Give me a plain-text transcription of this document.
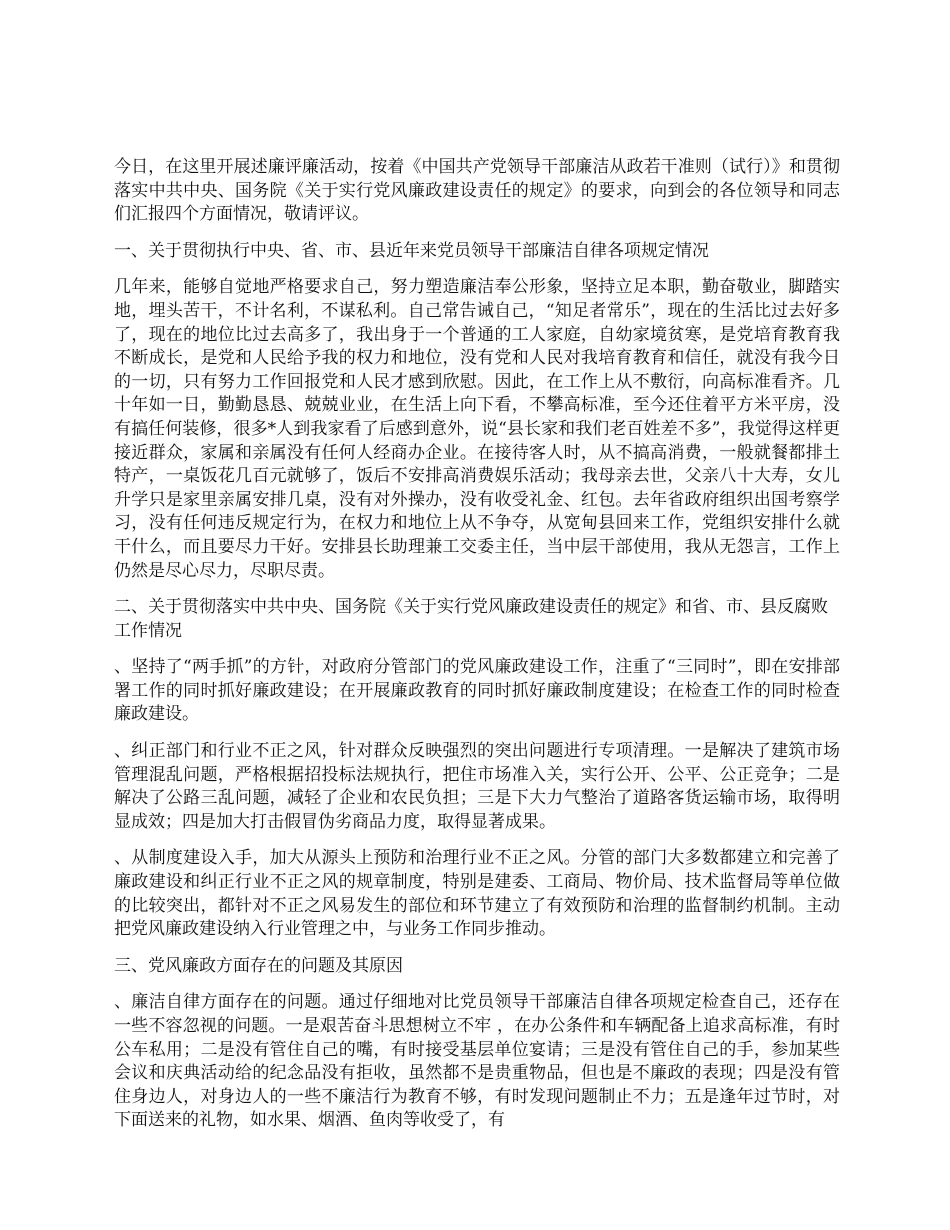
今日，在这里开展述廉评廉活动，按着《中国共产党领导干部廉洁从政若干准则（试行）》和贯彻落实中共中央、国务院《关于实行党风廉政建设责任的规定》的要求，向到会的各位领导和同志们汇报四个方面情况，敬请评议。

一、关于贯彻执行中央、省、市、县近年来党员领导干部廉洁自律各项规定情况

几年来，能够自觉地严格要求自己，努力塑造廉洁奉公形象，坚持立足本职，勤奋敬业，脚踏实地，埋头苦干，不计名利，不谋私利。自己常告诫自己，“知足者常乐”，现在的生活比过去好多了，现在的地位比过去高多了，我出身于一个普通的工人家庭，自幼家境贫寒，是党培育教育我不断成长，是党和人民给予我的权力和地位，没有党和人民对我培育教育和信任，就没有我今日的一切，只有努力工作回报党和人民才感到欣慰。因此，在工作上从不敷衍，向高标准看齐。几十年如一日，勤勤恳恳、兢兢业业，在生活上向下看，不攀高标准，至今还住着平方米平房，没有搞任何装修，很多*人到我家看了后感到意外，说“县长家和我们老百姓差不多”，我觉得这样更接近群众，家属和亲属没有任何人经商办企业。在接待客人时，从不搞高消费，一般就餐都排土特产，一桌饭花几百元就够了，饭后不安排高消费娱乐活动；我母亲去世，父亲八十大寿，女儿升学只是家里亲属安排几桌，没有对外操办，没有收受礼金、红包。去年省政府组织出国考察学习，没有任何违反规定行为，在权力和地位上从不争夺，从宽甸县回来工作，党组织安排什么就干什么，而且要尽力干好。安排县长助理兼工交委主任，当中层干部使用，我从无怨言，工作上仍然是尽心尽力，尽职尽责。

二、关于贯彻落实中共中央、国务院《关于实行党风廉政建设责任的规定》和省、市、县反腐败工作情况

、坚持了“两手抓”的方针，对政府分管部门的党风廉政建设工作，注重了“三同时”，即在安排部署工作的同时抓好廉政建设；在开展廉政教育的同时抓好廉政制度建设；在检查工作的同时检查廉政建设。

、纠正部门和行业不正之风，针对群众反映强烈的突出问题进行专项清理。一是解决了建筑市场管理混乱问题，严格根据招投标法规执行，把住市场准入关，实行公开、公平、公正竞争；二是解决了公路三乱问题，减轻了企业和农民负担；三是下大力气整治了道路客货运输市场，取得明显成效；四是加大打击假冒伪劣商品力度，取得显著成果。

、从制度建设入手，加大从源头上预防和治理行业不正之风。分管的部门大多数都建立和完善了廉政建设和纠正行业不正之风的规章制度，特别是建委、工商局、物价局、技术监督局等单位做的比较突出，都针对不正之风易发生的部位和环节建立了有效预防和治理的监督制约机制。主动把党风廉政建设纳入行业管理之中，与业务工作同步推动。

三、党风廉政方面存在的问题及其原因

、廉洁自律方面存在的问题。通过仔细地对比党员领导干部廉洁自律各项规定检查自己，还存在一些不容忽视的问题。一是艰苦奋斗思想树立不牢 ，在办公条件和车辆配备上追求高标准，有时公车私用；二是没有管住自己的嘴，有时接受基层单位宴请；三是没有管住自己的手，参加某些会议和庆典活动给的纪念品没有拒收，虽然都不是贵重物品，但也是不廉政的表现；四是没有管住身边人，对身边人的一些不廉洁行为教育不够，有时发现问题制止不力；五是逢年过节时，对下面送来的礼物，如水果、烟酒、鱼肉等收受了，有
